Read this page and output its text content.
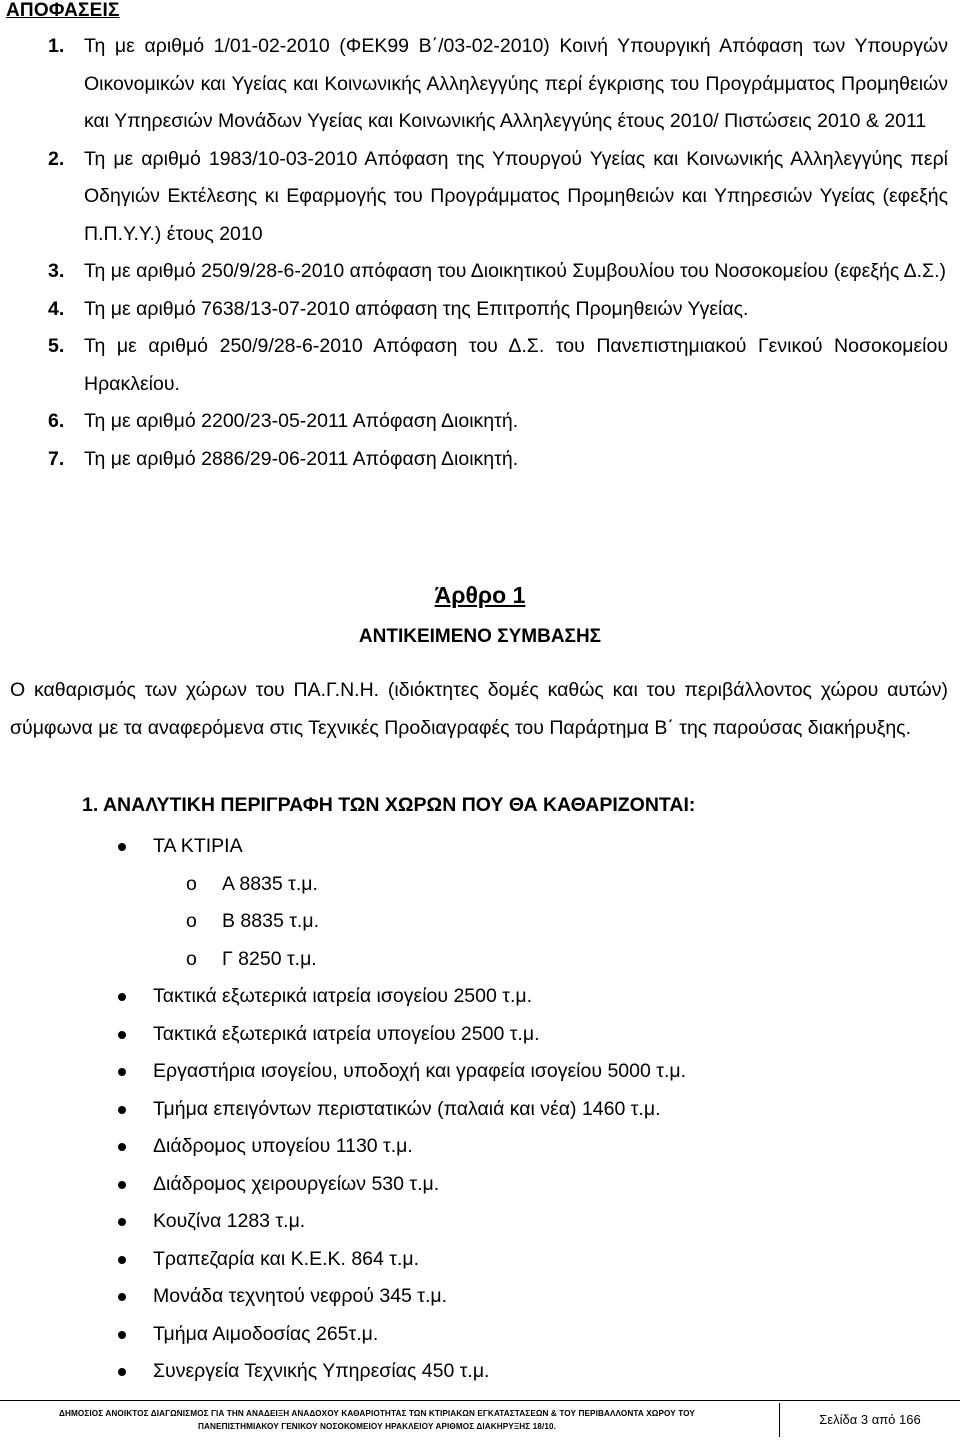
ΑΠΟΦΑΣΕΙΣ
1. Τη με αριθμό 1/01-02-2010 (ΦΕΚ99 Β΄/03-02-2010) Κοινή Υπουργική Απόφαση των Υπουργών Οικονομικών και Υγείας και Κοινωνικής Αλληλεγγύης περί έγκρισης του Προγράμματος Προμηθειών και Υπηρεσιών Μονάδων Υγείας και Κοινωνικής Αλληλεγγύης έτους 2010/ Πιστώσεις 2010 & 2011
2. Τη με αριθμό 1983/10-03-2010 Απόφαση της Υπουργού Υγείας και Κοινωνικής Αλληλεγγύης περί Οδηγιών Εκτέλεσης κι Εφαρμογής του Προγράμματος Προμηθειών και Υπηρεσιών Υγείας (εφεξής Π.Π.Υ.Υ.) έτους 2010
3. Τη με αριθμό 250/9/28-6-2010 απόφαση του Διοικητικού Συμβουλίου του Νοσοκομείου (εφεξής Δ.Σ.)
4. Τη με αριθμό 7638/13-07-2010 απόφαση της Επιτροπής Προμηθειών Υγείας.
5. Τη με αριθμό 250/9/28-6-2010 Απόφαση του Δ.Σ. του Πανεπιστημιακού Γενικού Νοσοκομείου Ηρακλείου.
6. Τη με αριθμό 2200/23-05-2011 Απόφαση Διοικητή.
7. Τη με αριθμό 2886/29-06-2011 Απόφαση Διοικητή.
Άρθρο 1
ΑΝΤΙΚΕΙΜΕΝΟ ΣΥΜΒΑΣΗΣ
Ο καθαρισμός των χώρων του ΠΑ.Γ.Ν.Η. (ιδιόκτητες δομές καθώς και του περιβάλλοντος χώρου αυτών) σύμφωνα με τα αναφερόμενα στις Τεχνικές Προδιαγραφές του Παράρτημα Β΄ της παρούσας διακήρυξης.
1. ΑΝΑΛΥΤΙΚΗ ΠΕΡΙΓΡΑΦΗ ΤΩΝ ΧΩΡΩΝ ΠΟΥ ΘΑ ΚΑΘΑΡΙΖΟΝΤΑΙ:
ΤΑ ΚΤΙΡΙΑ
o Α 8835 τ.μ.
o Β 8835 τ.μ.
o Γ 8250 τ.μ.
Τακτικά εξωτερικά ιατρεία ισογείου 2500 τ.μ.
Τακτικά εξωτερικά ιατρεία υπογείου 2500 τ.μ.
Εργαστήρια ισογείου, υποδοχή και γραφεία ισογείου 5000 τ.μ.
Τμήμα επειγόντων περιστατικών (παλαιά και νέα) 1460 τ.μ.
Διάδρομος υπογείου 1130 τ.μ.
Διάδρομος χειρουργείων 530 τ.μ.
Κουζίνα 1283 τ.μ.
Τραπεζαρία και Κ.Ε.Κ. 864 τ.μ.
Μονάδα τεχνητού νεφρού 345 τ.μ.
Τμήμα Αιμοδοσίας 265τ.μ.
Συνεργεία Τεχνικής Υπηρεσίας 450 τ.μ.
ΔΗΜΟΣΙΟΣ ΑΝΟΙΚΤΟΣ ΔΙΑΓΩΝΙΣΜΟΣ ΓΙΑ ΤΗΝ ΑΝΑΔΕΙΞΗ ΑΝΑΔΟΧΟΥ ΚΑΘΑΡΙΟΤΗΤΑΣ ΤΩΝ ΚΤΙΡΙΑΚΩΝ ΕΓΚΑΤΑΣΤΑΣΕΩΝ & ΤΟΥ ΠΕΡΙΒΑΛΛΟΝΤΑ ΧΩΡΟΥ ΤΟΥ
ΠΑΝΕΠΙΣΤΗΜΙΑΚΟΥ ΓΕΝΙΚΟΥ ΝΟΣΟΚΟΜΕΙΟΥ ΗΡΑΚΛΕΙΟΥ ΑΡΙΘΜΟΣ ΔΙΑΚΗΡΥΞΗΣ 18/10.	Σελίδα 3 από 166
